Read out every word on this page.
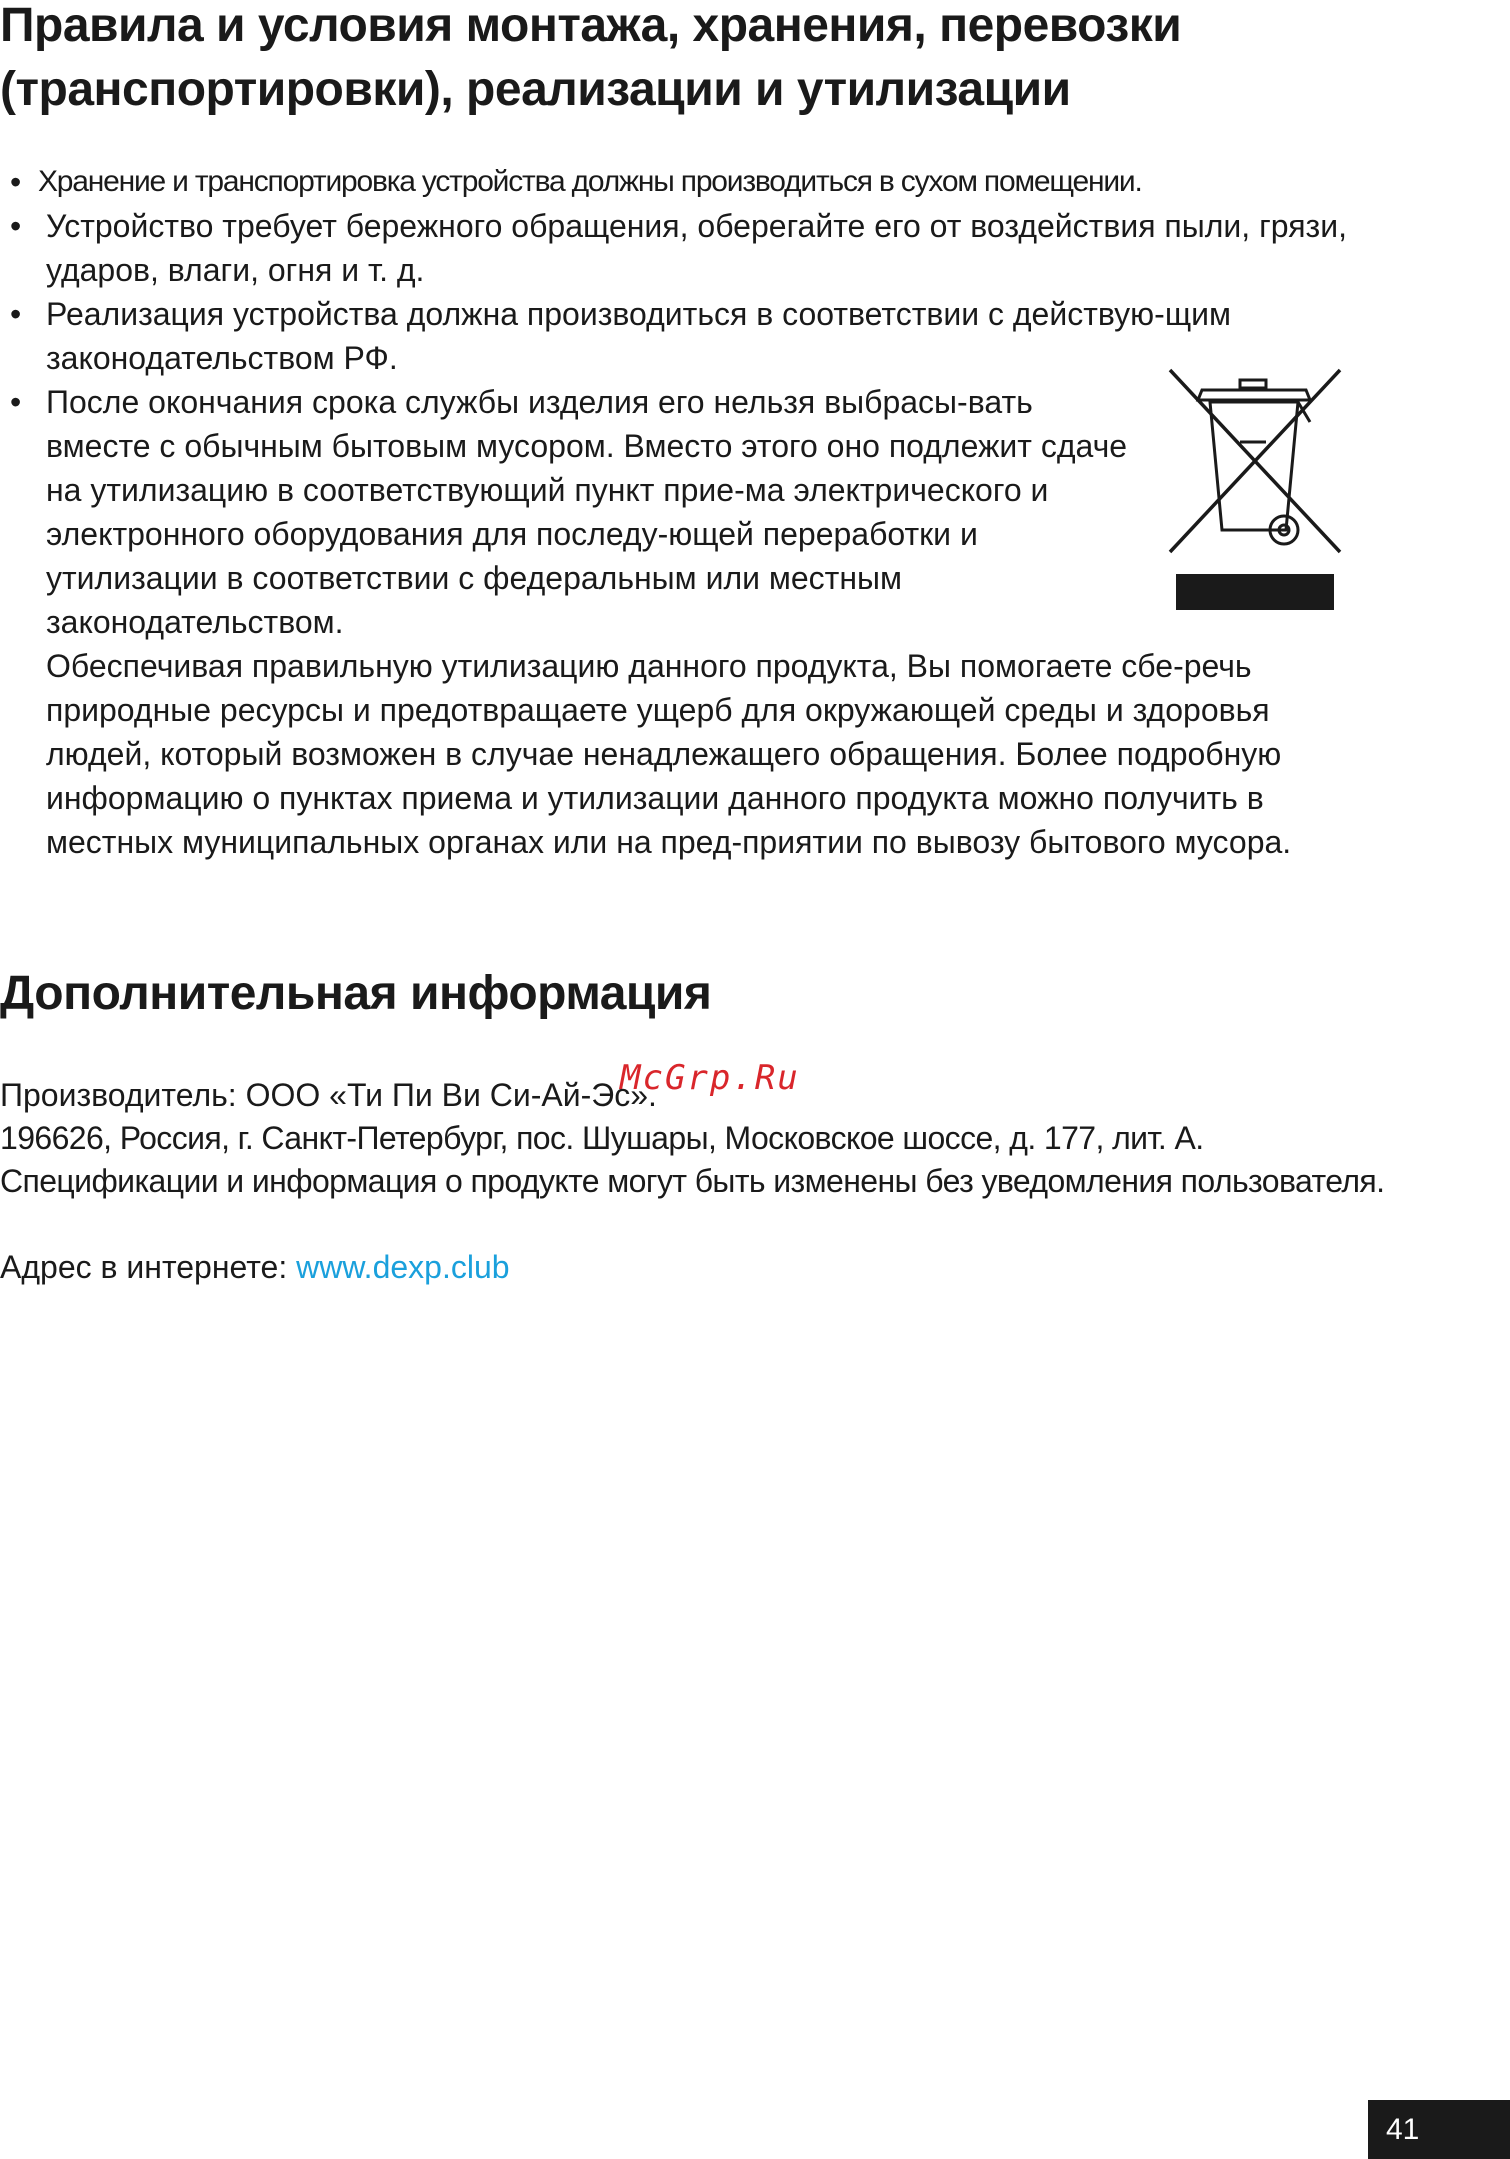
Правила и условия монтажа, хранения, перевозки (транспортировки), реализации и утилизации

• Хранение и транспортировка устройства должны производиться в сухом помещении.

• Устройство требует бережного обращения, оберегайте его от воздействия пыли, грязи, ударов, влаги, огня и т. д.

• Реализация устройства должна производиться в соответствии с действую-щим законодательством РФ.

• После окончания срока службы изделия его нельзя выбрасы-вать вместе с обычным бытовым мусором. Вместо этого оно подлежит сдаче на утилизацию в соответствующий пункт прие-ма электрического и электронного оборудования для последу-ющей переработки и утилизации в соответствии с федеральным или местным законодательством.

Обеспечивая правильную утилизацию данного продукта, Вы помогаете сбе-речь природные ресурсы и предотвращаете ущерб для окружающей среды и здоровья людей, который возможен в случае ненадлежащего обращения. Более подробную информацию о пунктах приема и утилизации данного продукта можно получить в местных муниципальных органах или на пред-приятии по вывозу бытового мусора.

Дополнительная информация

Производитель: ООО «Ти Пи Ви Си-Ай-Эс».

196626, Россия, г. Санкт-Петербург, пос. Шушары, Московское шоссе, д. 177, лит. А.

Спецификации и информация о продукте могут быть изменены без уведомления пользователя.

Адрес в интернете: www.dexp.club

McGrp.Ru
41
